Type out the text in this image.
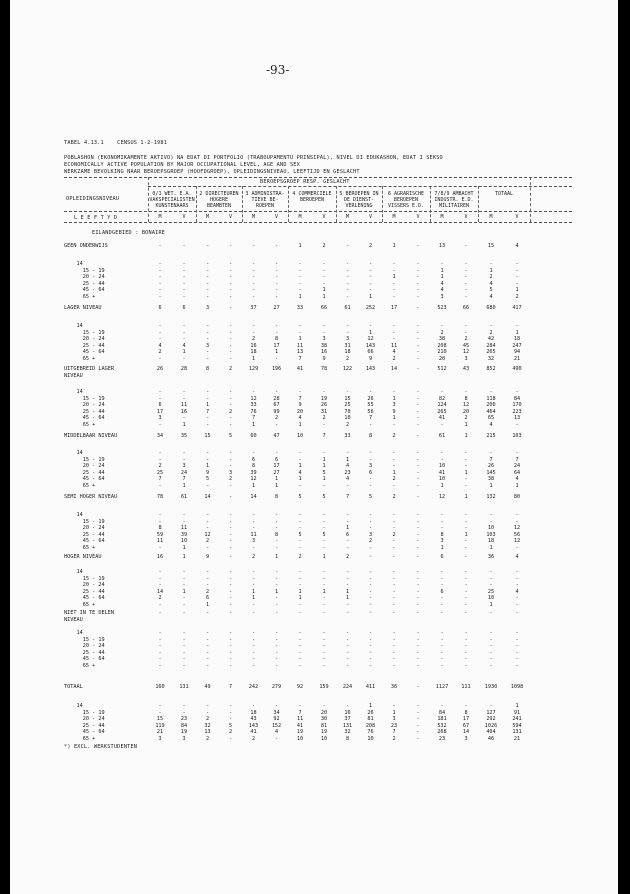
-93-
TABEL 4.13.1    CENSUS 1-2-1981
POBLASHON (EKONOMIKAMENTE AKTIVO) NA EDAT DI PORTFOLIO (TRABOUPAMENTU PRINSIPAL), NIVEL DI EDUKASHON, EDAT I SEKSO
ECONOMICALLY ACTIVE POPULATION BY MAJOR OCCUPATIONAL LEVEL, AGE AND SEX
WERKZAME BEVOLKING NAAR BEROEPSGROEP (HOOFDGROEP), OPLEIDINGSNIVEAU, LEEFTIJD EN GESLACHT
BEROEPSGROEP RESP. GESLACHT
OPLEIDINGSNIVEAU
L E E F T Y D
EILANDGEBIED : BONAIRE
*) EXCL. WERKSTUDENTEN
0/1 WET. E.A.
VAKSPECIALISTEN
KUNSTENAARS
M	V
2 DIRECTEUREN
HOGERE
BEAMBTEN
M	V
3 ADMINISTRA-
TIEVE BE-
ROEPEN
M	V
4 COMMERCIELE
BEROEPEN
M	V
5 BEROEPEN IN
DE DIENST-
VERLENING
M	V
6 AGRARISCHE
BEROEPEN
VISSERS E.D.
M	V
7/8/9 AMBACHT
INDUSTR. E.D.
MILITAIREN
M	V
TOTAAL
M	V
GEEN ONDERWIJS	-	-	-	-	-	-	1	2	-	2	1	-	13	-	15	4
14	-	-	-	-	-	-	-	-	-	-	-	-	-	-	-	-
15 - 19	-	-	-	-	-	-	-	-	-	-	-	-	1	-	1	-
20 - 24	-	-	-	-	-	-	-	-	-	-	1	-	1	-	2	-
25 - 44	-	-	-	-	-	-	-	-	-	-	-	-	4	-	4	-
45 - 64	-	-	-	-	-	-	-	1	-	-	-	-	4	-	5	1
65 +	-	-	-	-	-	-	1	1	-	1	-	-	3	-	4	2
LAGER NIVEAU	6	6	3	-	37	27	33	66	61	252	17	-	523	66	680	417
14	-	-	-	-	-	-	-	-	-	-	-	-	-	-	-	-
15 - 19	-	-	-	-	-	-	-	-	-	1	-	-	2	-	2	1
20 - 24	-	-	-	-	2	8	1	3	3	12	-	-	38	2	42	18
25 - 44	4	4	3	-	16	17	11	38	31	143	11	-	208	45	284	247
45 - 64	2	1	-	-	18	1	13	16	18	66	4	-	210	12	265	94
65 +	-	-	-	-	1	-	7	9	2	9	2	-	20	3	32	21
UITGEBREID LAGER
NIVEAU
26	28	8	2	129	196	41	78	122	143	14	-	512	43	852	490
14	-	-	-	-	-	-	-	-	-	-	-	-	-	-	-	-
15 - 19	-	-	-	-	12	28	7	19	15	26	1	-	82	8	118	84
20 - 24	6	11	1	-	33	67	9	26	25	55	3	-	124	12	200	170
25 - 44	17	16	7	2	76	99	20	31	70	56	9	-	265	20	464	223
45 - 64	3	-	-	-	7	2	4	2	10	7	1	-	41	2	65	13
65 +	-	1	-	-	1	-	1	-	2	-	-	-	-	1	4	-
MIDDELBAAR NIVEAU	34	35	15	5	60	47	10	7	33	8	2	-	61	1	215	103
14	-	-	-	-	-	-	-	-	-	-	-	-	-	-	-	-
15 - 19	-	-	-	-	6	6	-	1	1	-	-	-	-	-	7	7
20 - 24	2	3	1	-	8	17	1	1	4	3	-	-	10	-	26	24
25 - 44	25	24	9	3	39	27	4	5	23	6	1	-	41	1	145	64
45 - 64	7	7	5	2	12	1	1	1	4	-	2	-	10	-	38	4
65 +	-	1	-	-	1	1	-	-	-	-	-	-	1	-	1	1
SEMI HOGER NIVEAU	78	61	14	-	14	8	5	5	7	5	2	-	12	1	132	80
14	-	-	-	-	-	-	-	-	-	-	-	-	-	-	-	-
15 - 19	-	-	-	-	-	-	-	-	-	-	-	-	-	-	-	-
20 - 24	8	11	-	-	-	-	-	-	1	-	-	-	-	-	10	12
25 - 44	59	39	12	-	11	8	5	5	6	3	2	-	8	1	103	56
45 - 64	11	10	2	-	3	-	-	-	-	2	-	-	3	-	18	12
65 +	-	1	-	-	-	-	-	-	-	-	-	-	1	-	1	-
HOGER NIVEAU	16	1	9	-	2	1	2	1	2	-	-	-	6	-	36	4
14	-	-	-	-	-	-	-	-	-	-	-	-	-	-	-	-
15 - 19	-	-	-	-	-	-	-	-	-	-	-	-	-	-	-	-
20 - 24	-	-	-	-	-	-	-	-	-	-	-	-	-	-	-	-
25 - 44	14	1	2	-	1	1	1	1	1	-	-	-	6	-	25	4
45 - 64	2	-	6	-	1	-	1	-	1	-	-	-	-	-	10	-
65 +	-	-	1	-	-	-	-	-	-	-	-	-	-	-	1	-
NIET IN TE DELEN
NIVEAU
-	-	-	-	-	-	-	-	-	-	-	-	-	-	-	-
14	-	-	-	-	-	-	-	-	-	-	-	-	-	-	-	-
15 - 19	-	-	-	-	-	-	-	-	-	-	-	-	-	-	-	-
20 - 24	-	-	-	-	-	-	-	-	-	-	-	-	-	-	-	-
25 - 44	-	-	-	-	-	-	-	-	-	-	-	-	-	-	-	-
45 - 64	-	-	-	-	-	-	-	-	-	-	-	-	-	-	-	-
65 +	-	-	-	-	-	-	-	-	-	-	-	-	-	-	-	-
TOTAAL	160	131	49	7	242	279	92	159	224	411	36	-	1127	111	1930	1098
14	-	-	-	-	-	-	-	-	-	1	-	-	-	-	-	1
15 - 19	-	-	-	-	18	34	7	20	16	26	1	-	84	8	127	91
20 - 24	15	23	2	-	43	92	11	30	37	81	3	-	181	17	292	241
25 - 44	119	84	32	5	143	152	41	81	131	208	23	-	532	67	1026	594
45 - 64	21	19	13	2	41	4	19	19	32	76	7	-	268	14	404	131
65 +	3	3	2	-	2	-	10	10	8	10	2	-	23	3	46	21
